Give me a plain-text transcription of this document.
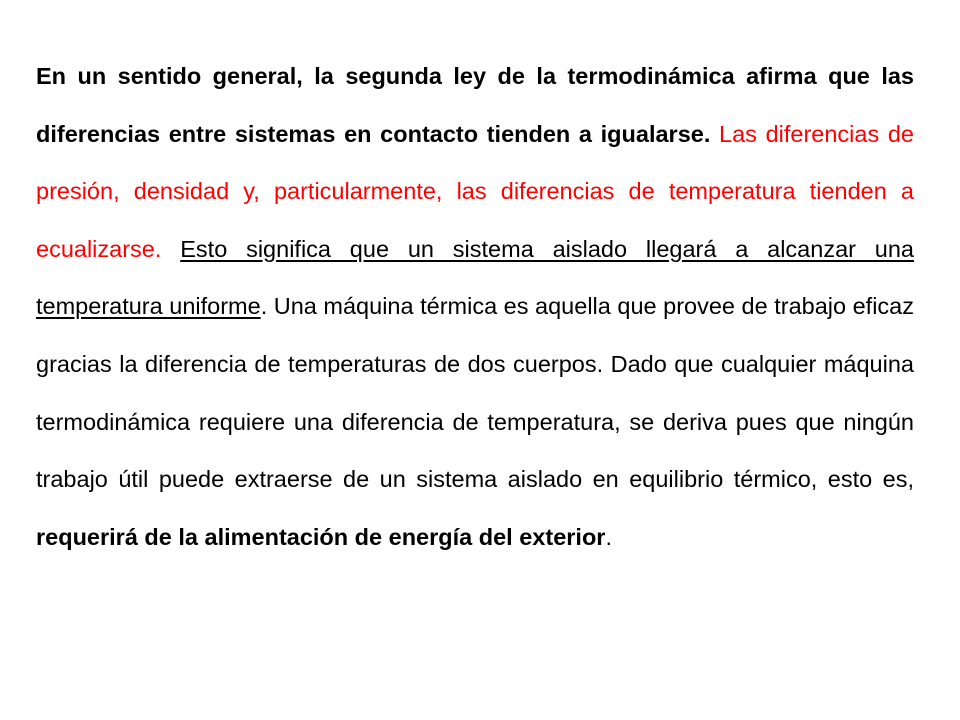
En un sentido general, la segunda ley de la termodinámica afirma que las diferencias entre sistemas en contacto tienden a igualarse. Las diferencias de presión, densidad y, particularmente, las diferencias de temperatura tienden a ecualizarse. Esto significa que un sistema aislado llegará a alcanzar una temperatura uniforme. Una máquina térmica es aquella que provee de trabajo eficaz gracias la diferencia de temperaturas de dos cuerpos. Dado que cualquier máquina termodinámica requiere una diferencia de temperatura, se deriva pues que ningún trabajo útil puede extraerse de un sistema aislado en equilibrio térmico, esto es, requerirá de la alimentación de energía del exterior.
